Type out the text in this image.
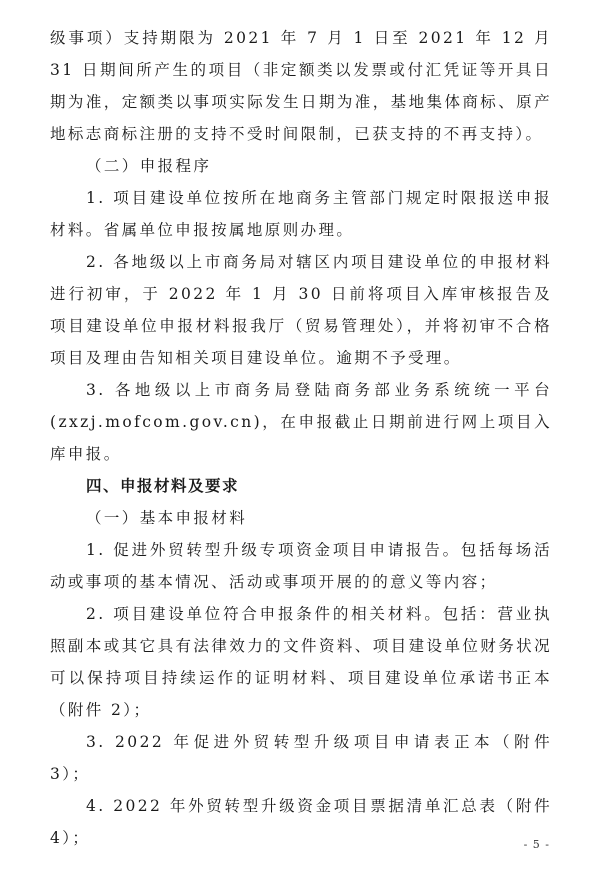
级事项）支持期限为 2021 年 7 月 1 日至 2021 年 12 月 31 日期间所产生的项目（非定额类以发票或付汇凭证等开具日期为准，定额类以事项实际发生日期为准，基地集体商标、原产地标志商标注册的支持不受时间限制，已获支持的不再支持）。

（二）申报程序

1. 项目建设单位按所在地商务主管部门规定时限报送申报材料。省属单位申报按属地原则办理。

2. 各地级以上市商务局对辖区内项目建设单位的申报材料进行初审，于 2022 年 1 月 30 日前将项目入库审核报告及项目建设单位申报材料报我厅（贸易管理处），并将初审不合格项目及理由告知相关项目建设单位。逾期不予受理。

3. 各地级以上市商务局登陆商务部业务系统统一平台(zxzj.mofcom.gov.cn)，在申报截止日期前进行网上项目入库申报。

四、申报材料及要求

（一）基本申报材料

1. 促进外贸转型升级专项资金项目申请报告。包括每场活动或事项的基本情况、活动或事项开展的的意义等内容；

2. 项目建设单位符合申报条件的相关材料。包括：营业执照副本或其它具有法律效力的文件资料、项目建设单位财务状况可以保持项目持续运作的证明材料、项目建设单位承诺书正本（附件 2）；

3. 2022 年促进外贸转型升级项目申请表正本（附件 3）；

4. 2022 年外贸转型升级资金项目票据清单汇总表（附件 4）；	- 5 -
